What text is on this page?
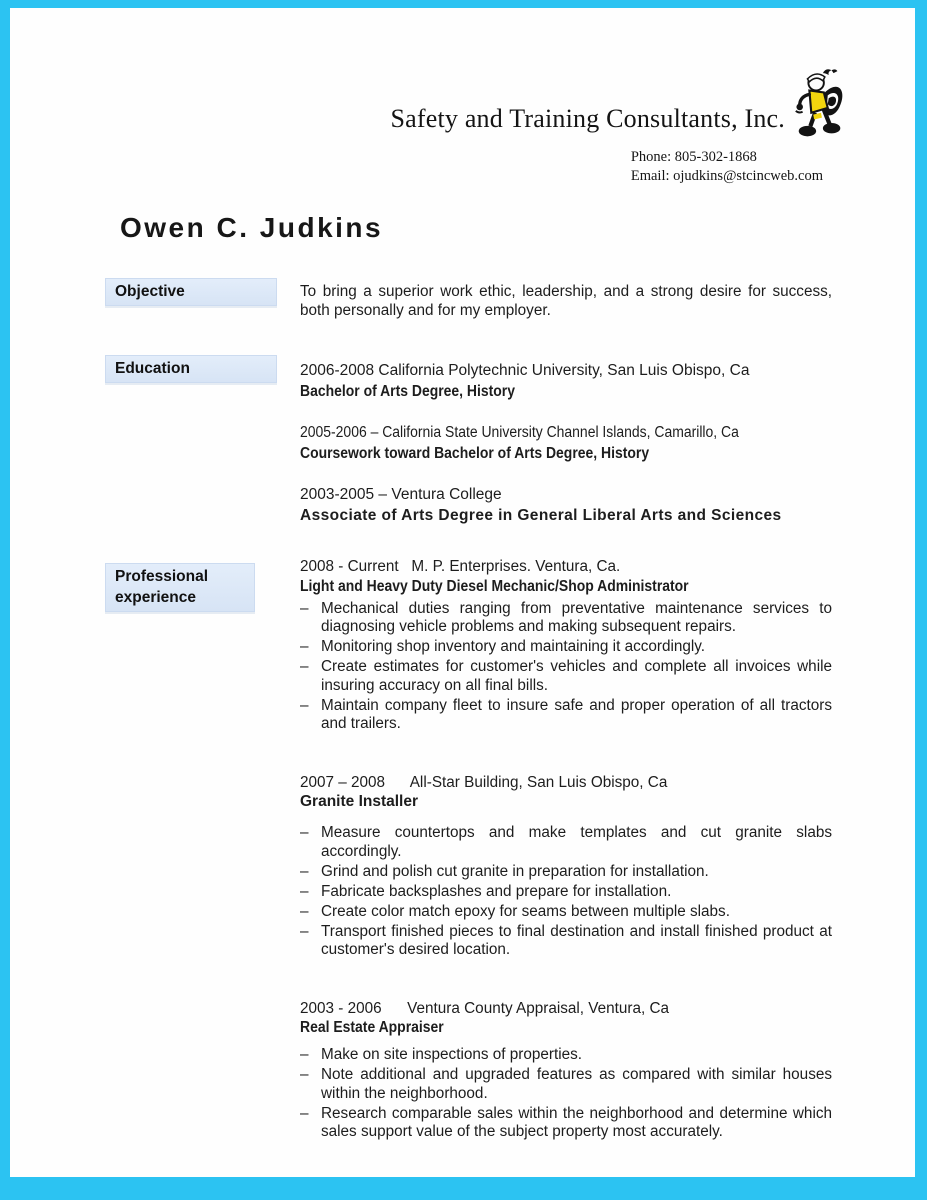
Safety and Training Consultants, Inc.
Phone: 805-302-1868
Email: ojudkins@stcincweb.com
Owen C. Judkins
Objective	To bring a superior work ethic, leadership, and a strong desire for success, both personally and for my employer.
Education	2006-2008 California Polytechnic University, San Luis Obispo, Ca
Bachelor of Arts Degree, History
2005-2006 – California State University Channel Islands, Camarillo, Ca
Coursework toward Bachelor of Arts Degree, History
2003-2005 – Ventura College
Associate of Arts Degree in General Liberal Arts and Sciences
Professional experience
2008 - Current   M. P. Enterprises. Ventura, Ca.
Light and Heavy Duty Diesel Mechanic/Shop Administrator
– Mechanical duties ranging from preventative maintenance services to diagnosing vehicle problems and making subsequent repairs.
– Monitoring shop inventory and maintaining it accordingly.
– Create estimates for customer's vehicles and complete all invoices while insuring accuracy on all final bills.
– Maintain company fleet to insure safe and proper operation of all tractors and trailers.
2007 – 2008      All-Star Building, San Luis Obispo, Ca
Granite Installer
– Measure countertops and make templates and cut granite slabs accordingly.
– Grind and polish cut granite in preparation for installation.
– Fabricate backsplashes and prepare for installation.
– Create color match epoxy for seams between multiple slabs.
– Transport finished pieces to final destination and install finished product at customer's desired location.
2003 - 2006      Ventura County Appraisal, Ventura, Ca
Real Estate Appraiser
– Make on site inspections of properties.
– Note additional and upgraded features as compared with similar houses within the neighborhood.
– Research comparable sales within the neighborhood and determine which sales support value of the subject property most accurately.
